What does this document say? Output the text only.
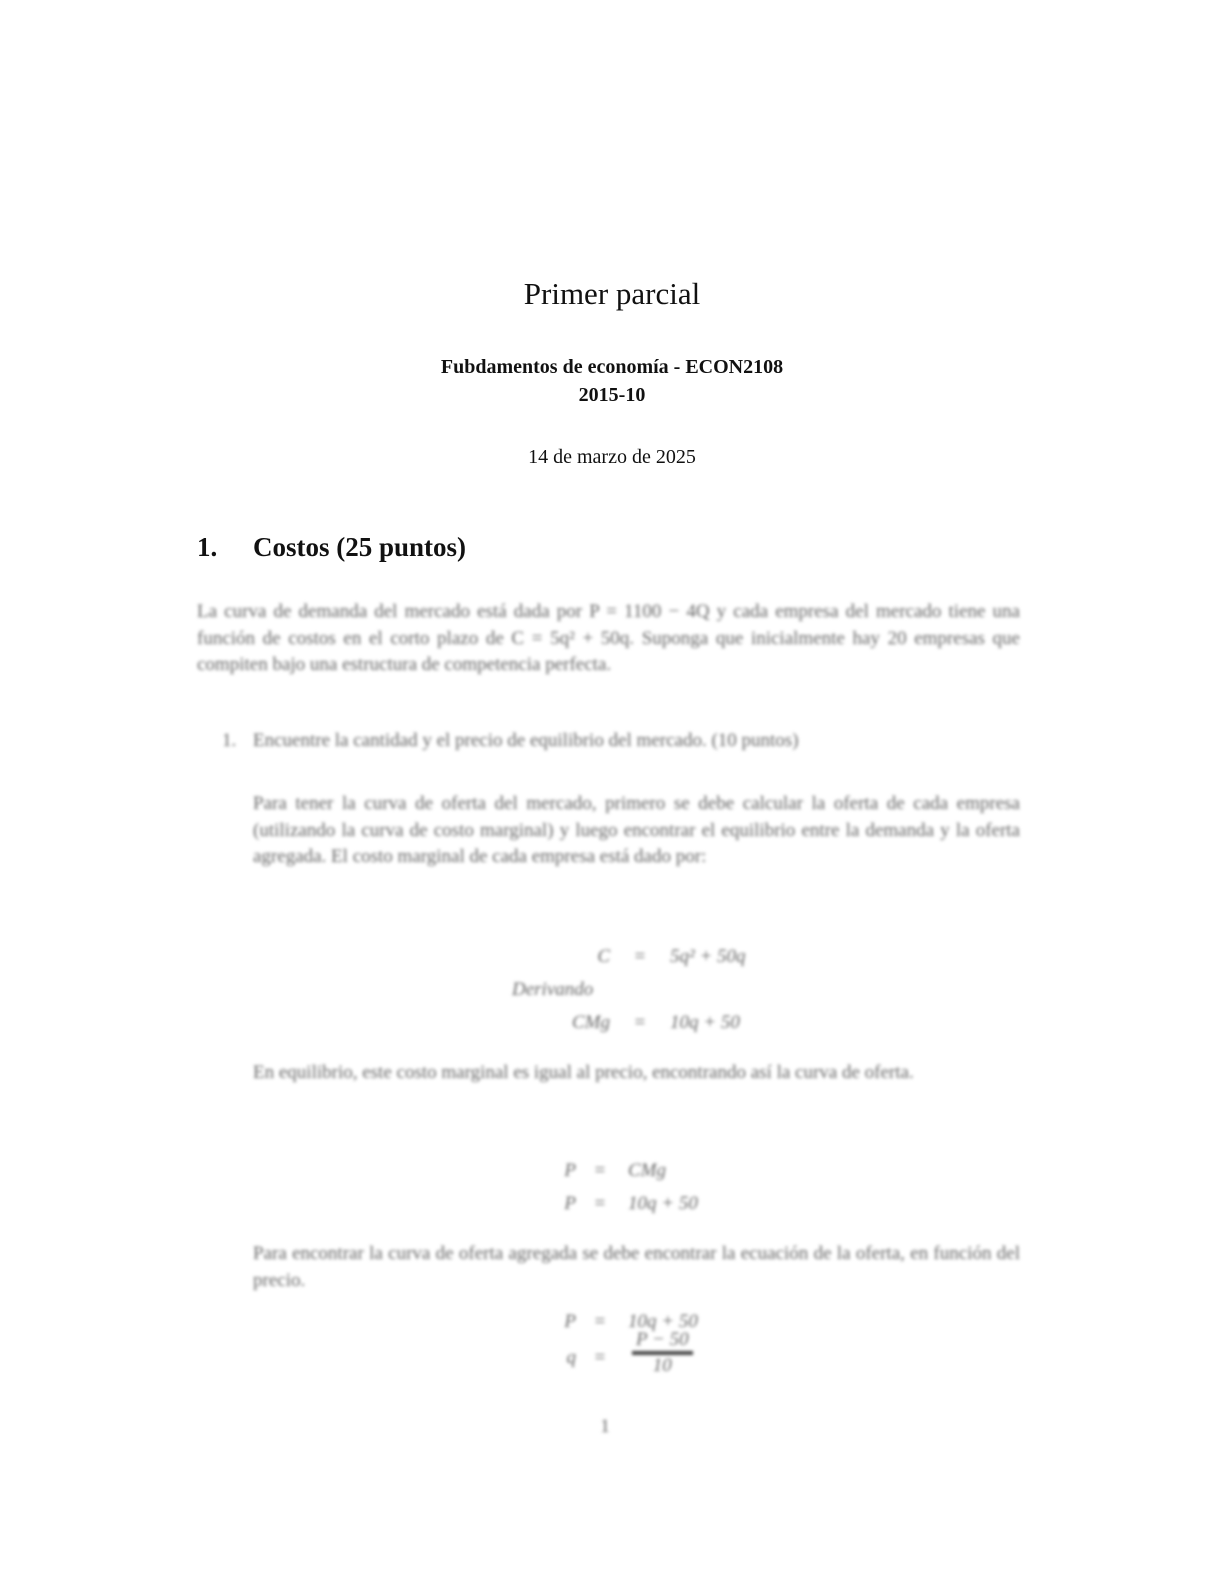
Primer parcial
Fubdamentos de economía - ECON2108
2015-10
14 de marzo de 2025
1. Costos (25 puntos)
La curva de demanda del mercado está dada por P = 1100 − 4Q y cada empresa del mercado tiene una función de costos en el corto plazo de C = 5q² + 50q. Suponga que inicialmente hay 20 empresas que compiten bajo una estructura de competencia perfecta.
1. Encuentre la cantidad y el precio de equilibrio del mercado. (10 puntos)
Para tener la curva de oferta del mercado, primero se debe calcular la oferta de cada empresa (utilizando la curva de costo marginal) y luego encontrar el equilibrio entre la demanda y la oferta agregada. El costo marginal de cada empresa está dado por:
C	=	5q² + 50q
Derivando
CMg	=	10q + 50
En equilibrio, este costo marginal es igual al precio, encontrando así la curva de oferta.
P =	CMg
P =	10q + 50
Para encontrar la curva de oferta agregada se debe encontrar la ecuación de la oferta, en función del precio.
P =	10q + 50
q =	$\frac{P - 50}{10}$
1
